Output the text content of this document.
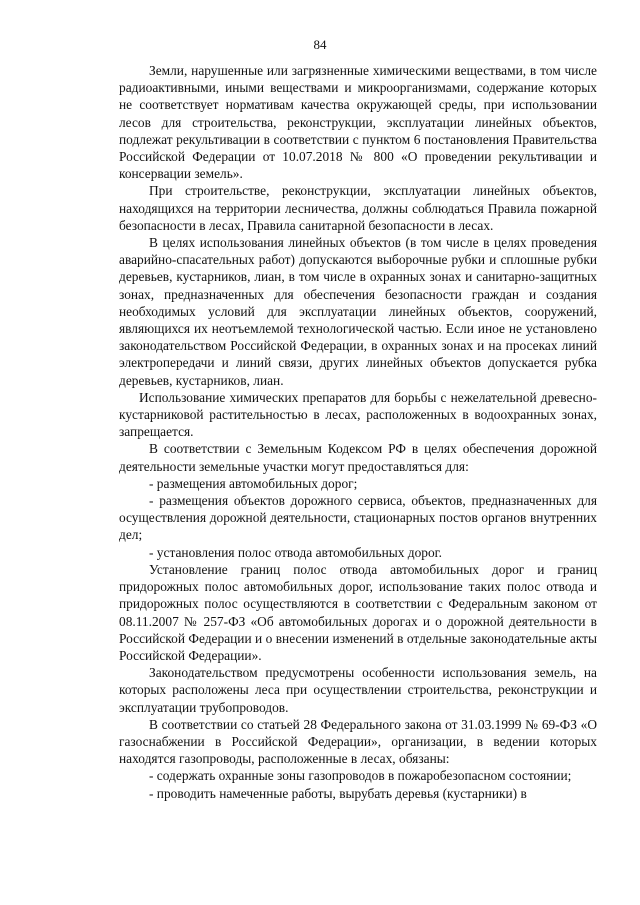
84

Земли, нарушенные или загрязненные химическими веществами, в том числе радиоактивными, иными веществами и микроорганизмами, содержание которых не соответствует нормативам качества окружающей среды, при использовании лесов для строительства, реконструкции, эксплуатации линейных объектов, подлежат рекультивации в соответствии с пунктом 6 постановления Правительства Российской Федерации от 10.07.2018 № 800 «О проведении рекультивации и консервации земель».

При строительстве, реконструкции, эксплуатации линейных объектов, находящихся на территории лесничества, должны соблюдаться Правила пожарной безопасности в лесах, Правила санитарной безопасности в лесах.

В целях использования линейных объектов (в том числе в целях проведения аварийно-спасательных работ) допускаются выборочные рубки и сплошные рубки деревьев, кустарников, лиан, в том числе в охранных зонах и санитарно-защитных зонах, предназначенных для обеспечения безопасности граждан и создания необходимых условий для эксплуатации линейных объектов, сооружений, являющихся их неотъемлемой технологической частью. Если иное не установлено законодательством Российской Федерации, в охранных зонах и на просеках линий электропередачи и линий связи, других линейных объектов допускается рубка деревьев, кустарников, лиан.

Использование химических препаратов для борьбы с нежелательной древесно-кустарниковой растительностью в лесах, расположенных в водоохранных зонах, запрещается.

В соответствии с Земельным Кодексом РФ в целях обеспечения дорожной деятельности земельные участки могут предоставляться для:

- размещения автомобильных дорог;

- размещения объектов дорожного сервиса, объектов, предназначенных для осуществления дорожной деятельности, стационарных постов органов внутренних дел;

- установления полос отвода автомобильных дорог.

Установление границ полос отвода автомобильных дорог и границ придорожных полос автомобильных дорог, использование таких полос отвода и придорожных полос осуществляются в соответствии с Федеральным законом от 08.11.2007 № 257-ФЗ «Об автомобильных дорогах и о дорожной деятельности в Российской Федерации и о внесении изменений в отдельные законодательные акты Российской Федерации».

Законодательством предусмотрены особенности использования земель, на которых расположены леса при осуществлении строительства, реконструкции и эксплуатации трубопроводов.

В соответствии со статьей 28 Федерального закона от 31.03.1999 № 69-ФЗ «О газоснабжении в Российской Федерации», организации, в ведении которых находятся газопроводы, расположенные в лесах, обязаны:

- содержать охранные зоны газопроводов в пожаробезопасном состоянии;

- проводить намеченные работы, вырубать деревья (кустарники) в
